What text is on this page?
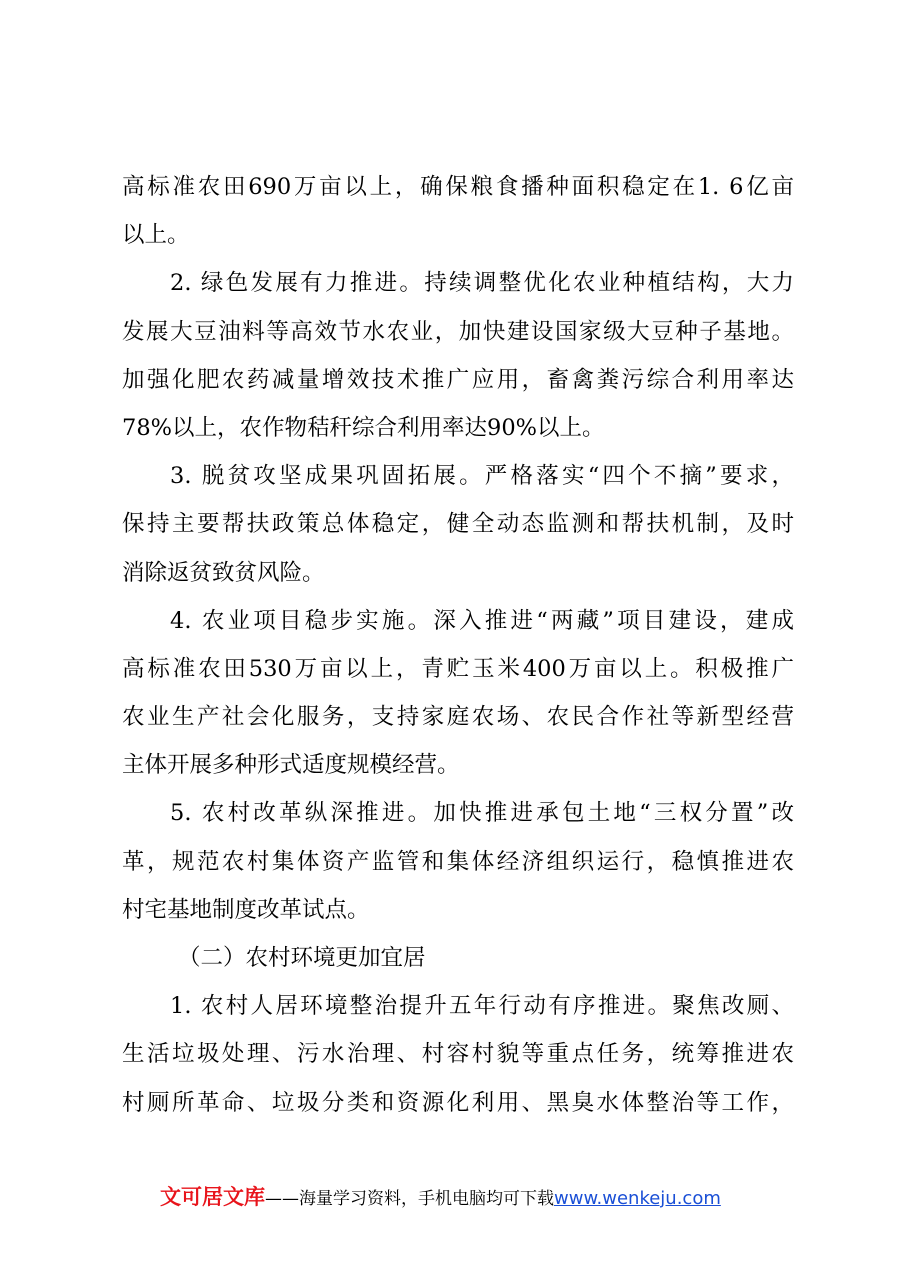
高标准农田690万亩以上，确保粮食播种面积稳定在1. 6亿亩
以上。
2. 绿色发展有力推进。持续调整优化农业种植结构，大力
发展大豆油料等高效节水农业，加快建设国家级大豆种子基地。
加强化肥农药减量增效技术推广应用，畜禽粪污综合利用率达
78%以上，农作物秸秆综合利用率达90%以上。
3. 脱贫攻坚成果巩固拓展。严格落实“四个不摘”要求，
保持主要帮扶政策总体稳定，健全动态监测和帮扶机制，及时
消除返贫致贫风险。
4. 农业项目稳步实施。深入推进“两藏”项目建设，建成
高标准农田530万亩以上，青贮玉米400万亩以上。积极推广
农业生产社会化服务，支持家庭农场、农民合作社等新型经营
主体开展多种形式适度规模经营。
5. 农村改革纵深推进。加快推进承包土地“三权分置”改
革，规范农村集体资产监管和集体经济组织运行，稳慎推进农
村宅基地制度改革试点。
（二）农村环境更加宜居
1. 农村人居环境整治提升五年行动有序推进。聚焦改厕、
生活垃圾处理、污水治理、村容村貌等重点任务，统筹推进农
村厕所革命、垃圾分类和资源化利用、黑臭水体整治等工作，
文可居文库——海量学习资料，手机电脑均可下载www.wenkeju.com
